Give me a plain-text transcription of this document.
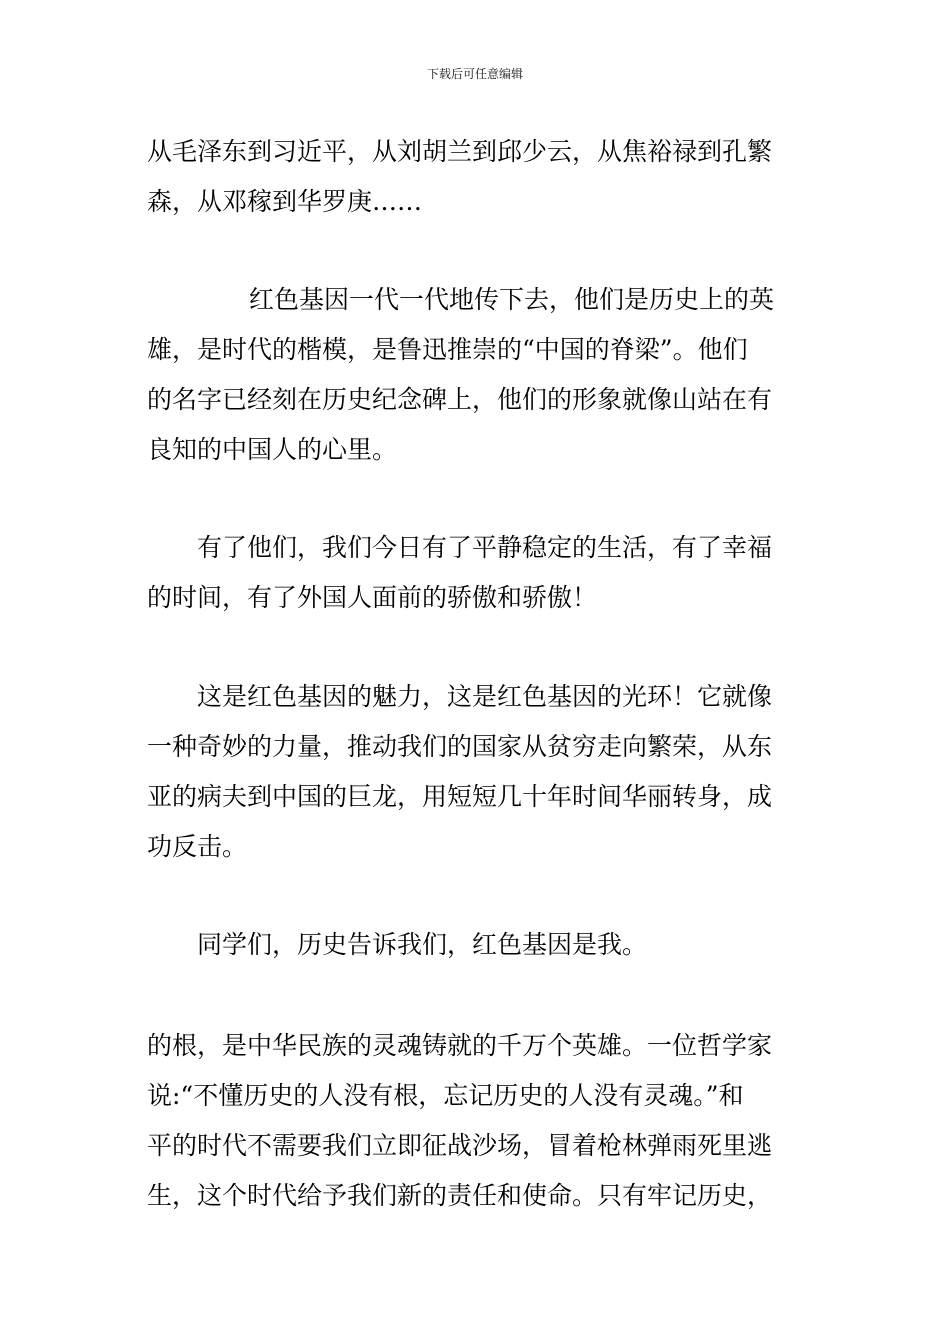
下载后可任意编辑
从毛泽东到习近平，从刘胡兰到邱少云，从焦裕禄到孔繁
森，从邓稼到华罗庚……
红色基因一代一代地传下去，他们是历史上的英
雄，是时代的楷模，是鲁迅推崇的“中国的脊梁”。他们
的名字已经刻在历史纪念碑上，他们的形象就像山站在有
良知的中国人的心里。
有了他们，我们今日有了平静稳定的生活，有了幸福
的时间，有了外国人面前的骄傲和骄傲！
这是红色基因的魅力，这是红色基因的光环！它就像
一种奇妙的力量，推动我们的国家从贫穷走向繁荣，从东
亚的病夫到中国的巨龙，用短短几十年时间华丽转身，成
功反击。
同学们，历史告诉我们，红色基因是我。
的根，是中华民族的灵魂铸就的千万个英雄。一位哲学家
说:“不懂历史的人没有根，忘记历史的人没有灵魂。”和
平的时代不需要我们立即征战沙场，冒着枪林弹雨死里逃
生，这个时代给予我们新的责任和使命。只有牢记历史，
